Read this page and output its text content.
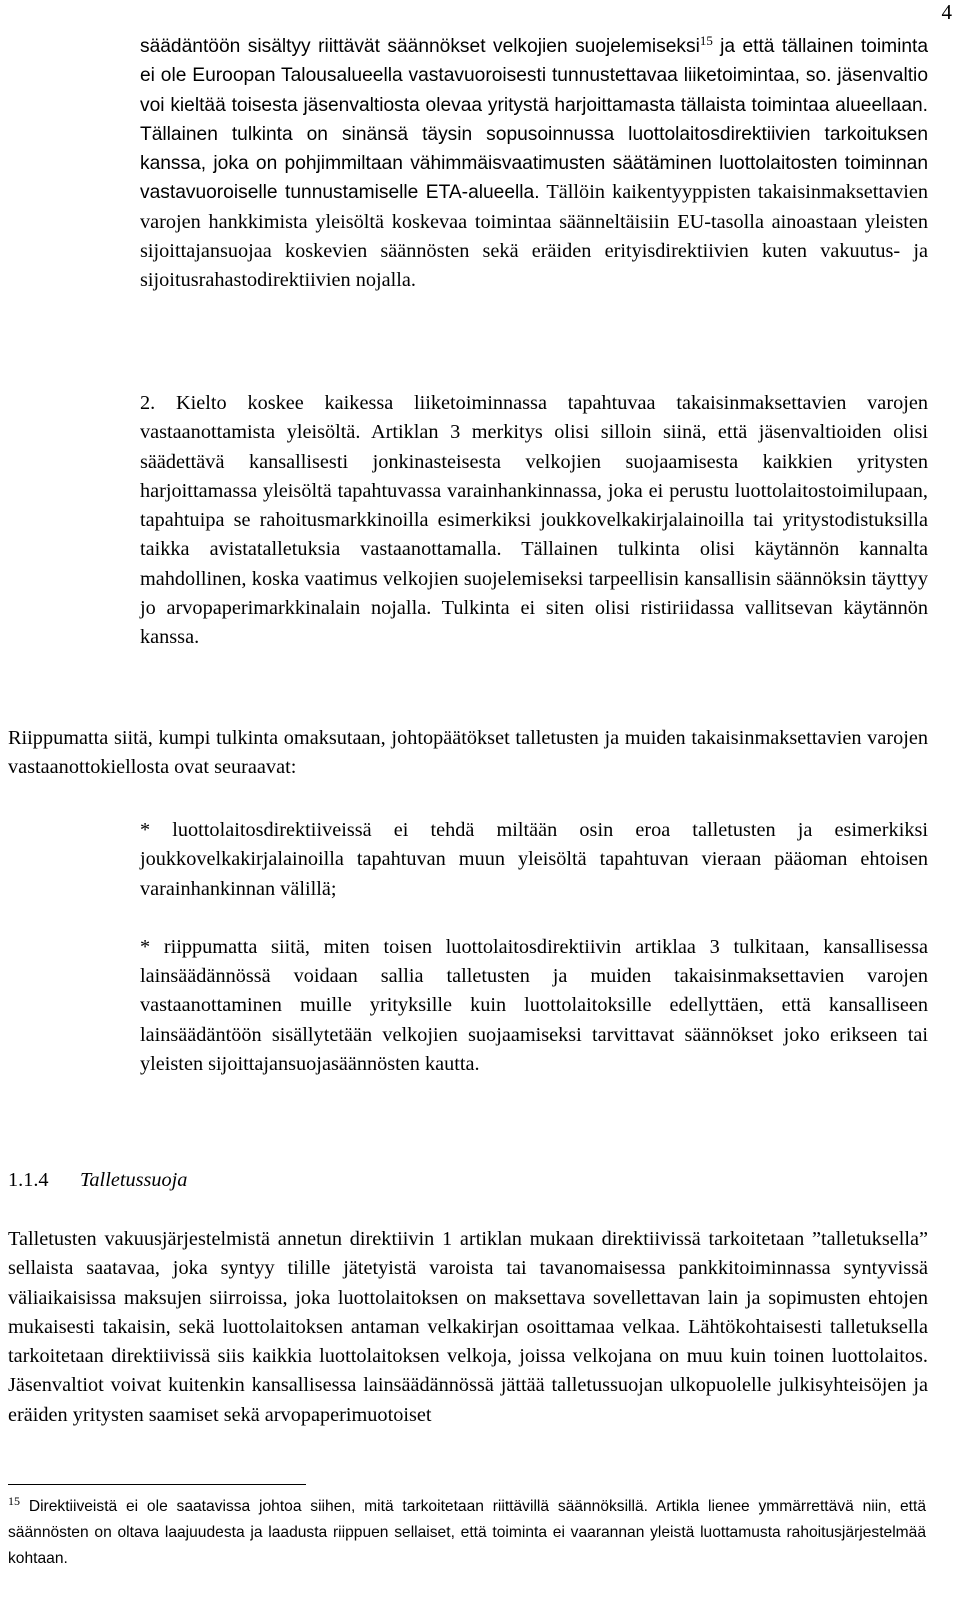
4

säädäntöön sisältyy riittävät säännökset velkojien suojelemiseksi$^{15}$ ja että tällainen toiminta ei ole Euroopan Talousalueella vastavuoroisesti tunnustettavaa liiketoimintaa, so. jäsenvaltio voi kieltää toisesta jäsenvaltiosta olevaa yritystä harjoittamasta tällaista toimintaa alueellaan. Tällainen tulkinta on sinänsä täysin sopusoinnussa luottolaitosdirektiivien tarkoituksen kanssa, joka on pohjimmiltaan vähimmäisvaatimusten säätäminen luottolaitosten toiminnan vastavuoroiselle tunnustamiselle ETA-alueella. Tällöin kaikentyyppisten takaisinmaksettavien varojen hankkimista yleisöltä koskevaa toimintaa säänneltäisiin EU-tasolla ainoastaan yleisten sijoittajansuojaa koskevien säännösten sekä eräiden erityisdirektiivien kuten vakuutus- ja sijoitusrahastodirektiivien nojalla.

2. Kielto koskee kaikessa liiketoiminnassa tapahtuvaa takaisinmaksettavien varojen vastaanottamista yleisöltä. Artiklan 3 merkitys olisi silloin siinä, että jäsenvaltioiden olisi säädettävä kansallisesti jonkinasteisesta velkojien suojaamisesta kaikkien yritysten harjoittamassa yleisöltä tapahtuvassa varainhankinnassa, joka ei perustu luottolaitostoimilupaan, tapahtuipa se rahoitusmarkkinoilla esimerkiksi joukkovelkakirjalainoilla tai yritystodistuksilla taikka avistatalletuksia vastaanottamalla. Tällainen tulkinta olisi käytännön kannalta mahdollinen, koska vaatimus velkojien suojelemiseksi tarpeellisin kansallisin säännöksin täyttyy jo arvopaperimarkkinalain nojalla. Tulkinta ei siten olisi ristiriidassa vallitsevan käytännön kanssa.

Riippumatta siitä, kumpi tulkinta omaksutaan, johtopäätökset talletusten ja muiden takaisinmaksettavien varojen vastaanottokiellosta ovat seuraavat:

* luottolaitosdirektiiveissä ei tehdä miltään osin eroa talletusten ja esimerkiksi joukkovelkakirjalainoilla tapahtuvan muun yleisöltä tapahtuvan vieraan pääoman ehtoisen varainhankinnan välillä;

* riippumatta siitä, miten toisen luottolaitosdirektiivin artiklaa 3 tulkitaan, kansallisessa lainsäädännössä voidaan sallia talletusten ja muiden takaisinmaksettavien varojen vastaanottaminen muille yrityksille kuin luottolaitoksille edellyttäen, että kansalliseen lainsäädäntöön sisällytetään velkojien suojaamiseksi tarvittavat säännökset joko erikseen tai yleisten sijoittajansuojasäännösten kautta.

1.1.4 Talletussuoja

Talletusten vakuusjärjestelmistä annetun direktiivin 1 artiklan mukaan direktiivissä tarkoitetaan ”talletuksella” sellaista saatavaa, joka syntyy tilille jätetyistä varoista tai tavanomaisessa pankkitoiminnassa syntyvissä väliaikaisissa maksujen siirroissa, joka luottolaitoksen on maksettava sovellettavan lain ja sopimusten ehtojen mukaisesti takaisin, sekä luottolaitoksen antaman velkakirjan osoittamaa velkaa. Lähtökohtaisesti talletuksella tarkoitetaan direktiivissä siis kaikkia luottolaitoksen velkoja, joissa velkojana on muu kuin toinen luottolaitos. Jäsenvaltiot voivat kuitenkin kansallisessa lainsäädännössä jättää talletussuojan ulkopuolelle julkisyhteisöjen ja eräiden yritysten saamiset sekä arvopaperimuotoiset

$^{15}$ Direktiiveistä ei ole saatavissa johtoa siihen, mitä tarkoitetaan riittävillä säännöksillä. Artikla lienee ymmärrettävä niin, että säännösten on oltava laajuudesta ja laadusta riippuen sellaiset, että toiminta ei vaarannan yleistä luottamusta rahoitusjärjestelmää kohtaan.
